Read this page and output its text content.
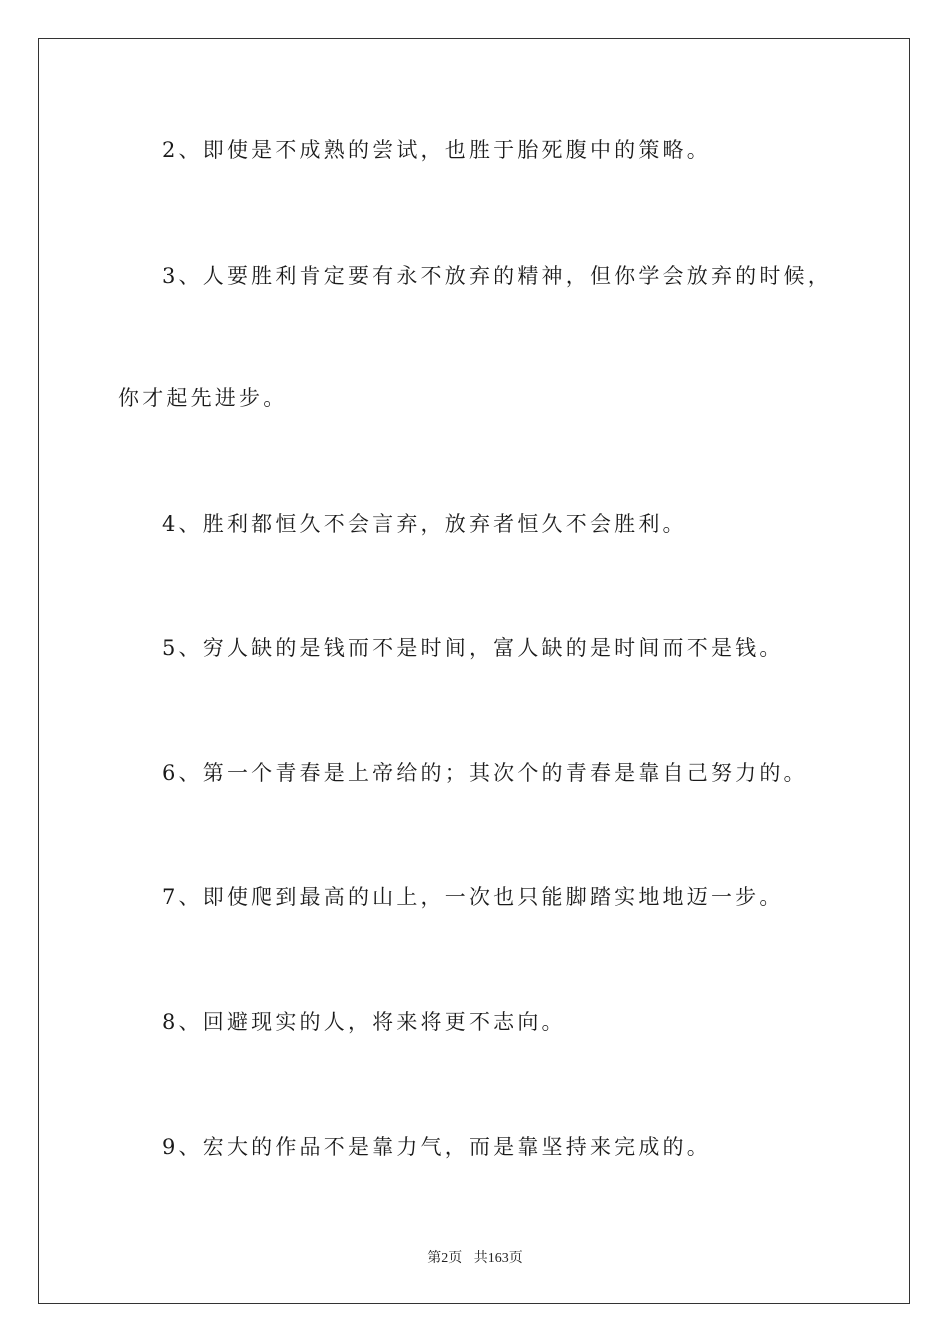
2、即使是不成熟的尝试，也胜于胎死腹中的策略。
3、人要胜利肯定要有永不放弃的精神，但你学会放弃的时候，
你才起先进步。
4、胜利都恒久不会言弃，放弃者恒久不会胜利。
5、穷人缺的是钱而不是时间，富人缺的是时间而不是钱。
6、第一个青春是上帝给的；其次个的青春是靠自己努力的。
7、即使爬到最高的山上，一次也只能脚踏实地地迈一步。
8、回避现实的人，将来将更不志向。
9、宏大的作品不是靠力气，而是靠坚持来完成的。
第2页 共163页
